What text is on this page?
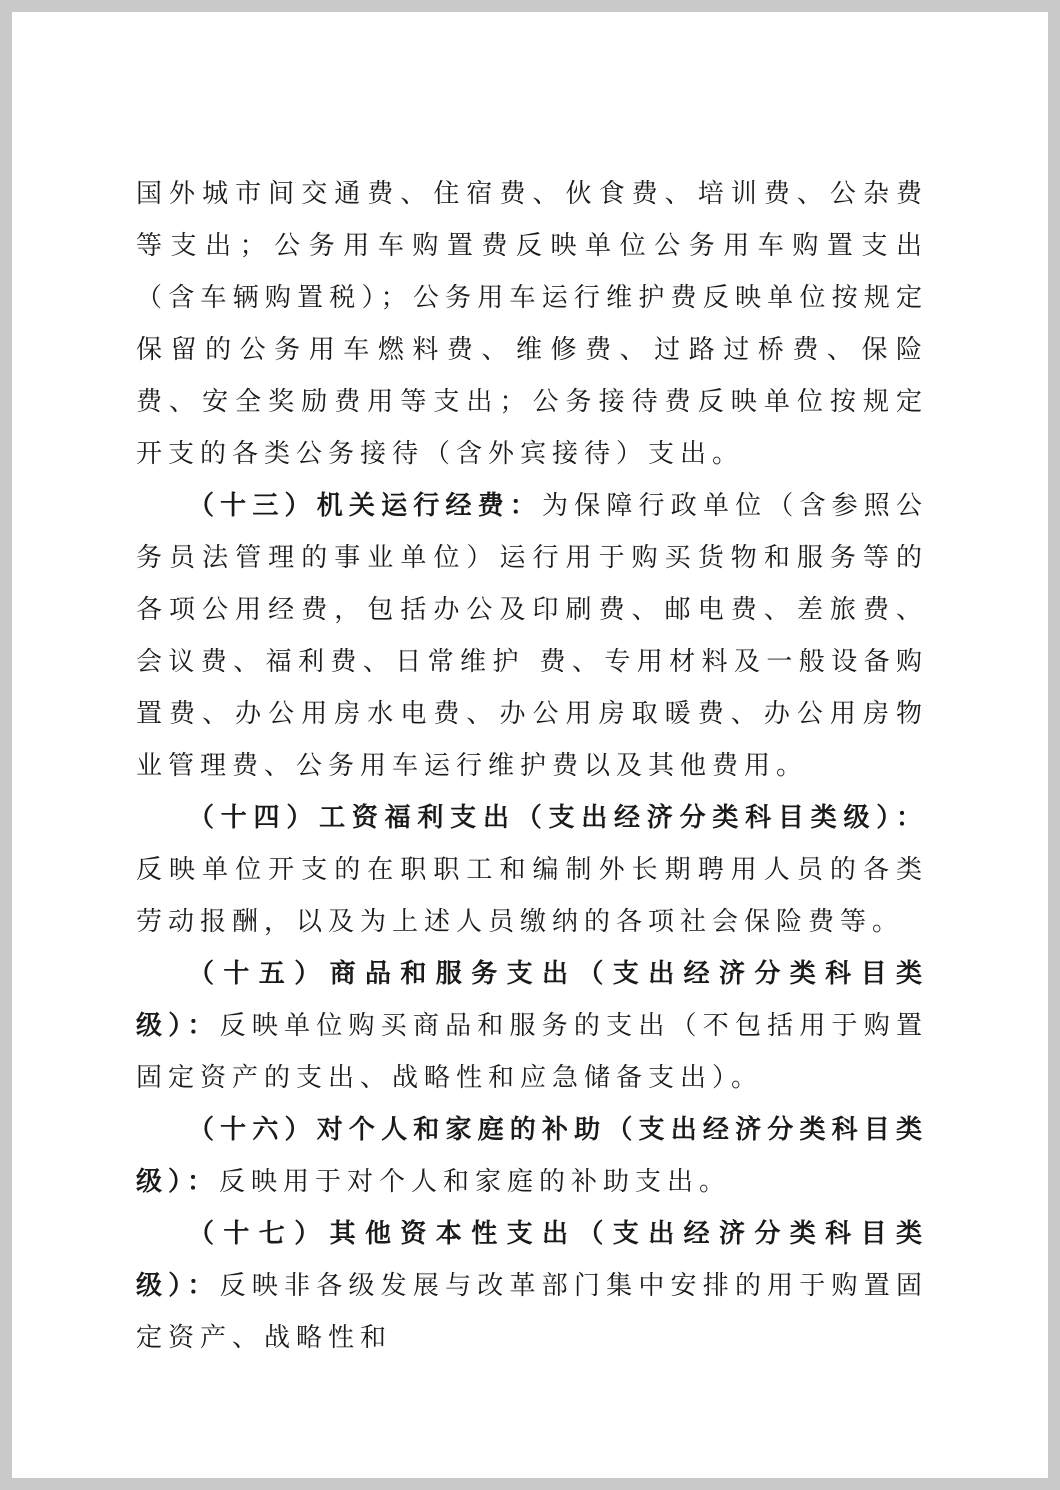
国外城市间交通费、住宿费、伙食费、培训费、公杂费等支出；公务用车购置费反映单位公务用车购置支出（含车辆购置税）；公务用车运行维护费反映单位按规定保留的公务用车燃料费、维修费、过路过桥费、保险费、安全奖励费用等支出；公务接待费反映单位按规定开支的各类公务接待（含外宾接待）支出。

（十三）机关运行经费：为保障行政单位（含参照公务员法管理的事业单位）运行用于购买货物和服务等的各项公用经费，包括办公及印刷费、邮电费、差旅费、会议费、福利费、日常维护 费、专用材料及一般设备购置费、办公用房水电费、办公用房取暖费、办公用房物业管理费、公务用车运行维护费以及其他费用。

（十四）工资福利支出（支出经济分类科目类级）：反映单位开支的在职职工和编制外长期聘用人员的各类劳动报酬，以及为上述人员缴纳的各项社会保险费等。

（十五）商品和服务支出（支出经济分类科目类级）：反映单位购买商品和服务的支出（不包括用于购置固定资产的支出、战略性和应急储备支出）。

（十六）对个人和家庭的补助（支出经济分类科目类级）：反映用于对个人和家庭的补助支出。

（十七）其他资本性支出（支出经济分类科目类级）：反映非各级发展与改革部门集中安排的用于购置固定资产、战略性和
